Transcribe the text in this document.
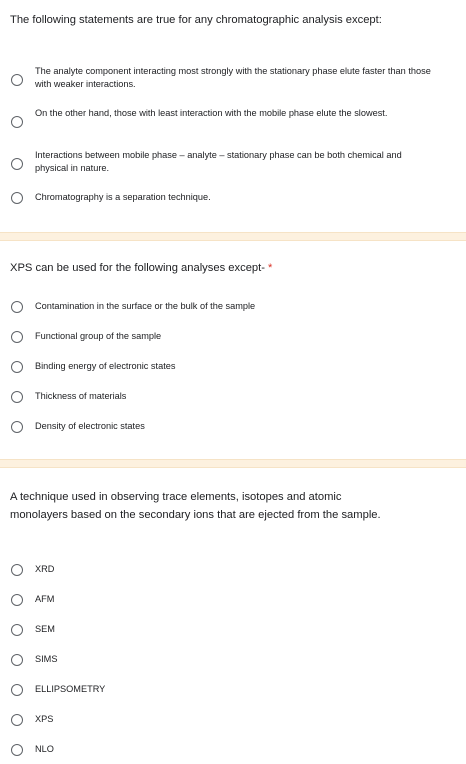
The following statements are true for any chromatographic analysis except:
The analyte component interacting most strongly with the stationary phase elute faster than those with weaker interactions.
On the other hand, those with least interaction with the mobile phase elute the slowest.
Interactions between mobile phase – analyte – stationary phase can be both chemical and physical in nature.
Chromatography is a separation technique.
XPS can be used for the following analyses except- *
Contamination in the surface or the bulk of the sample
Functional group of the sample
Binding energy of electronic states
Thickness of materials
Density of electronic states
A technique used in observing trace elements, isotopes and atomic monolayers based on the secondary ions that are ejected from the sample.
XRD
AFM
SEM
SIMS
ELLIPSOMETRY
XPS
NLO
